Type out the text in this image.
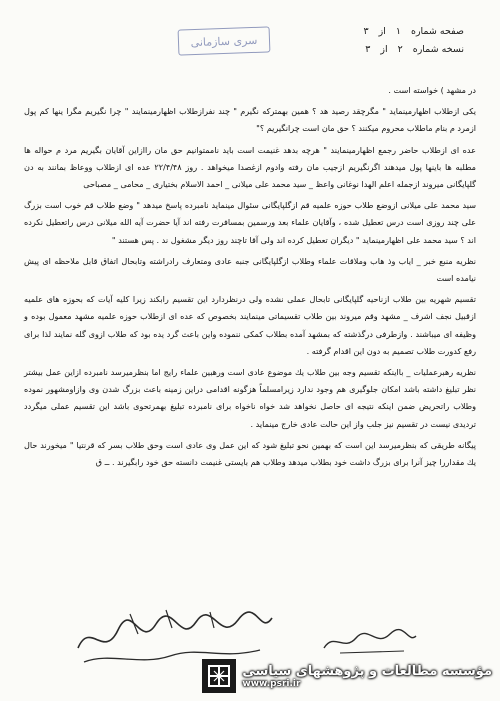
صفحه شماره
۱
از
۳
نسخه شماره
۲
از
۳
سری سازمانی

در مشهد ) خواسته است .

یکی ازطلاب اظهارمینماید " مگرچقد رصید هد ؟ همین بهمترکه نگیرم " چند نفرازطلاب اظهارمینمایند " چرا نگیریم مگرا ینها کم پول ازمرد م بنام ماطلاب محروم میکنند ؟ حق مان است چرانگیریم ؟"

عده ای ازطلاب حاضر رجمع اظهارمینمایند " هرچه بدهد غنیمت است باید ناممتوانیم حق مان راازاین آقایان بگیریم مرد م حواله ها مطلبه ها باینها پول میدهند اگرنگیریم ازجیب مان رفته وادوم ازغصدا میخواهد . روز ۲۲/۴/۴۸ عده ای ازطلاب ووعاظ بمانند به دن گلپایگانی میروند ازجمله اعلم الهدا نوغانی واعظ _ سید محمد علی میلانی _ احمد الاسلام بختیاری _ محامی _ مصباحی

سید محمد علی میلانی ازوضع طلاب حوزه علمیه قم ازگلپایگانی سئوال مینماید نامبرده پاسخ میدهد " وضع طلاب قم خوب است بزرگ علی چند روزی است درس تعطیل شده ، وآقایان علماء بعد ورسمین بمسافرت رفته اند آیا حضرت آیه الله میلانی درس راتعطیل نکرده اند ؟ سید محمد علی اظهارمینماید " دیگران تعطیل کرده اند ولی آقا تاچند روز دیگر مشغول ند . پس هستند "

نظریه منبع خبر _ ایاب وذ هاب وملاقات علماء وطلاب ازگلپایگانی جنبه عادی ومتعارف رادراشته وتابحال اتفاق قابل ملاحظه ای پیش نیامده است

تقسیم شهریه بین طلاب ازناحیه گلپایگانی تابحال عملی نشده ولی درنظردارد این تقسیم رابکند زیرا کلیه آیات که بحوزه های علمیه ازقبیل نجف اشرف _ مشهد وقم میروند بین طلاب تقسیماتی مینمایند بخصوص که عده ای ازطلاب حوزه علمیه مشهد معمول بوده و وظیفه ای میباشند . وازطرفی درگذشته که بمشهد آمده بطلاب کمکی ننموده واین باعث گرد یده بود که طلاب ازوی گله نمایند لذا برای رفع کدورت طلاب تصمیم به دون این اقدام گرفته .

نظریه رهبرعملیات _ بااینکه تقسیم وجه بین طلاب یك موضوع عادی است ورهبین علماء رایج اما بنظرمیرسد نامبرده ازاین عمل بیشتر نظر تبلیغ داشته باشد امکان جلوگیری هم وجود ندارد زیرامسلماً هزگونه اقدامی دراین زمینه باعث بزرگ شدن وی وازاومشهور نموده وطلاب راتحریض ضمن اینکه نتیجه ای حاصل نخواهد شد خواه ناخواه برای نامبرده تبلیغ بهمرتحوی باشد این تقسیم عملی میگردد تردیدی نیست در تقسیم نیز جلب واز این حالت عادی خارج مینماید .

پیگانه طریقی که بنظرمیرسد این است که بهمین نحو تبلیغ شود که این عمل وی عادی است وحق طلاب بسر که قرنتیا " میخورند حال یك مقداررا چیز آنرا برای بزرگ داشت خود بطلاب میدهد وطلاب هم بایستی غنیمت دانسته حق خود رابگیرند . ــ ق

مؤسسه مطالعات و پژوهشهای سیاسی
www.psri.ir
